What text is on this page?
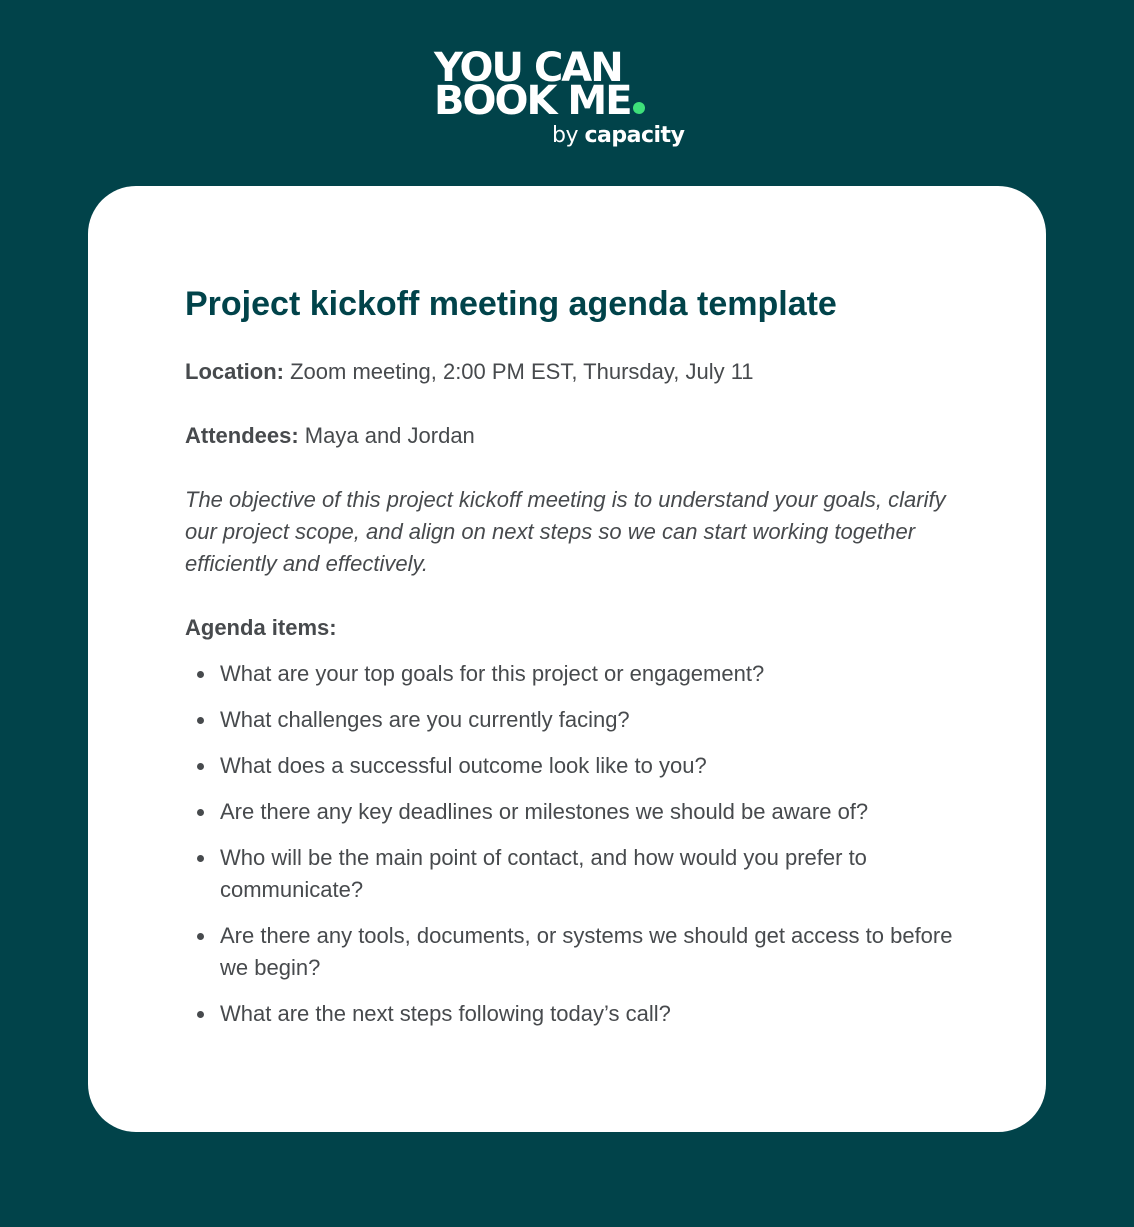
YOU CAN
BOOK ME
by capacity
Project kickoff meeting agenda template

Location: Zoom meeting, 2:00 PM EST, Thursday, July 11

Attendees: Maya and Jordan

The objective of this project kickoff meeting is to understand your goals, clarify our project scope, and align on next steps so we can start working together efficiently and effectively.

Agenda items:

What are your top goals for this project or engagement?
What challenges are you currently facing?
What does a successful outcome look like to you?
Are there any key deadlines or milestones we should be aware of?
Who will be the main point of contact, and how would you prefer to communicate?
Are there any tools, documents, or systems we should get access to before we begin?
What are the next steps following today’s call?
